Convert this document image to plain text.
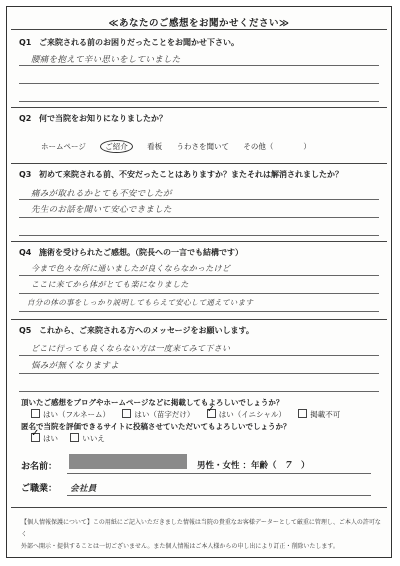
≪あなたのご感想をお聞かせください≫
Q1 ご来院される前のお困りだったことをお聞かせ下さい。
腰痛を抱えて辛い思いをしていました
Q2 何で当院をお知りになりましたか？
ホームページ	ご紹介	看板 うわさを聞いて その他（	）
Q3 初めて来院される前、不安だったことはありますか？またそれは解消されましたか？
痛みが取れるかとても不安でしたが
先生のお話を聞いて安心できました
Q4 施術を受けられたご感想。（院長への一言でも結構です）
今まで色々な所に通いましたが良くならなかったけど
ここに来てから体がとても楽になりました
自分の体の事をしっかり説明してもらえて安心して通えています
Q5 これから、ご来院される方へのメッセージをお願いします。
どこに行っても良くならない方は一度来てみて下さい
悩みが無くなりますよ
頂いたご感想をブログやホームページなどに掲載してもよろしいでしょうか？
はい（フルネーム）	はい（苗字だけ） ✓	はい（イニシャル）	掲載不可
匿名で当院を評価できるサイトに投稿させていただいてもよろしいでしょうか？
✓はい	いいえ
お名前：	男性・女性 ：年齢（ 7 ）
ご職業： 会社員
【個人情報保護について】この用紙にご記入いただきました情報は当院の貴重なお客様データーとして厳重に管理し、ご本人の許可なく
外部へ開示・提供することは一切ございません。また個人情報はご本人様からの申し出により訂正・削除いたします。
